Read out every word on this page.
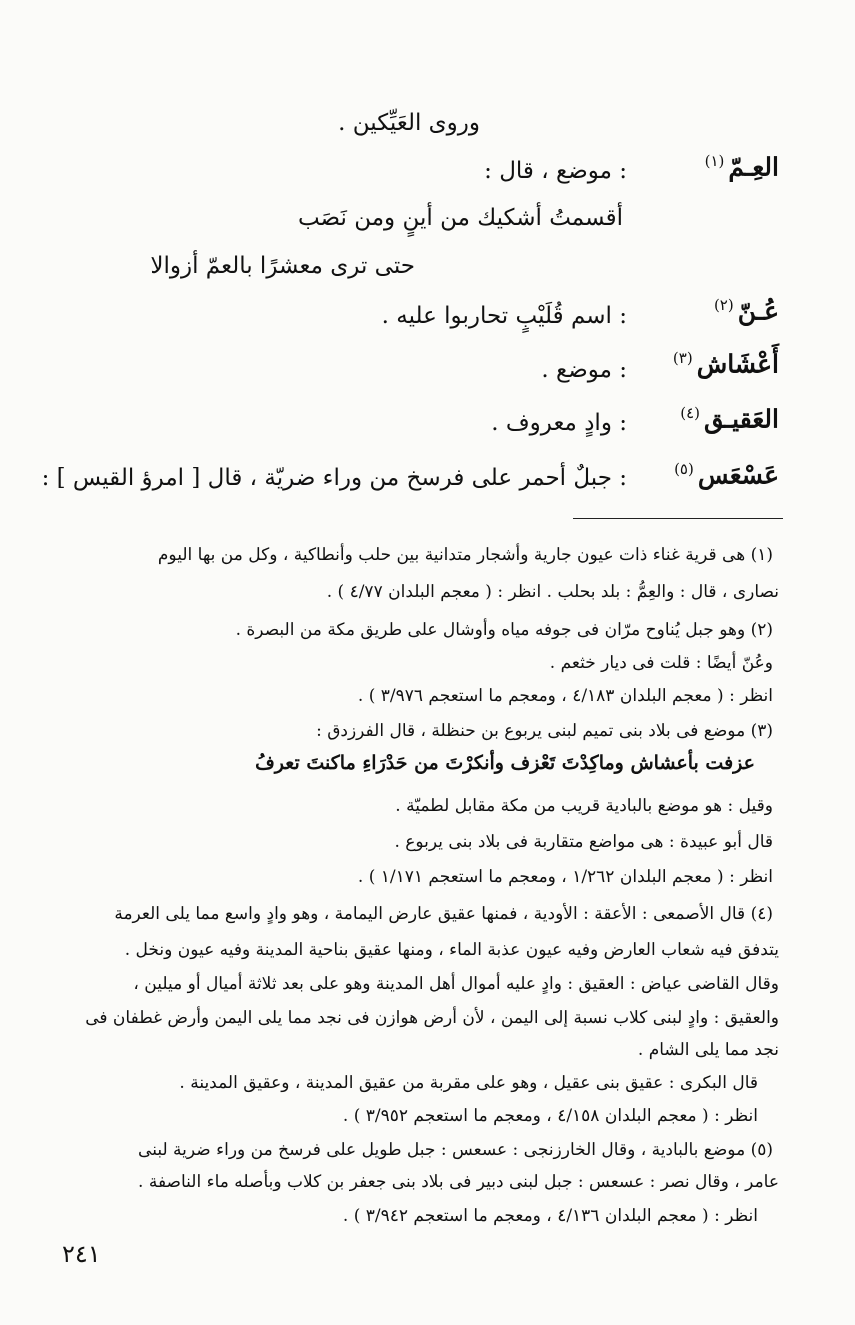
وروى العَيِّكين .
العِـمّ$^{(١)}$
: موضع ، قال :
أقسمتُ أشكيك من أينٍ ومن نَصَب
حتى ترى معشرًا بالعمّ أزوالا
عُـنّ$^{(٢)}$
: اسم قُلَيْبٍ تحاربوا عليه .
أَعْشَاش$^{(٣)}$
: موضع .
العَقيـق$^{(٤)}$
: وادٍ معروف .
عَسْعَس$^{(٥)}$
: جبلٌ أحمر على فرسخ من وراء ضريّة ، قال [ امرؤ القيس ] :
(١) هى قرية غناء ذات عيون جارية وأشجار متدانية بين حلب وأنطاكية ، وكل من بها اليوم
نصارى ، قال : والعِمُّ : بلد بحلب . انظر : ( معجم البلدان ٤/٧٧ ) .
(٢) وهو جبل يُناوح مرّان فى جوفه مياه وأوشال على طريق مكة من البصرة .
وعُنّ أيضًا : قلت فى ديار خثعم .
انظر : ( معجم البلدان ٤/١٨٣ ، ومعجم ما استعجم ٣/٩٧٦ ) .
(٣) موضع فى بلاد بنى تميم لبنى يربوع بن حنظلة ، قال الفرزدق :
عزفت بأعشاش وماكِدْتَ تَعْزف وأنكرْتَ من حَدْرَاءِ ماكنتَ تعرفُ
وقيل : هو موضع بالبادية قريب من مكة مقابل لطميّة .
قال أبو عبيدة : هى مواضع متقاربة فى بلاد بنى يربوع .
انظر : ( معجم البلدان ١/٢٦٢ ، ومعجم ما استعجم ١/١٧١ ) .
(٤) قال الأصمعى : الأعقة : الأودية ، فمنها عقيق عارض اليمامة ، وهو وادٍ واسع مما يلى العرمة
يتدفق فيه شعاب العارض وفيه عيون عذبة الماء ، ومنها عقيق بناحية المدينة وفيه عيون ونخل .
وقال القاضى عياض : العقيق : وادٍ عليه أموال أهل المدينة وهو على بعد ثلاثة أميال أو ميلين ،
والعقيق : وادٍ لبنى كلاب نسبة إلى اليمن ، لأن أرض هوازن فى نجد مما يلى اليمن وأرض غطفان فى
نجد مما يلى الشام .
قال البكرى : عقيق بنى عقيل ، وهو على مقربة من عقيق المدينة ، وعقيق المدينة .
انظر : ( معجم البلدان ٤/١٥٨ ، ومعجم ما استعجم ٣/٩٥٢ ) .
(٥) موضع بالبادية ، وقال الخارزنجى : عسعس : جبل طويل على فرسخ من وراء ضرية لبنى
عامر ، وقال نصر : عسعس : جبل لبنى دبير فى بلاد بنى جعفر بن كلاب وبأصله ماء الناصفة .
انظر : ( معجم البلدان ٤/١٣٦ ، ومعجم ما استعجم ٣/٩٤٢ ) .
٢٤١
